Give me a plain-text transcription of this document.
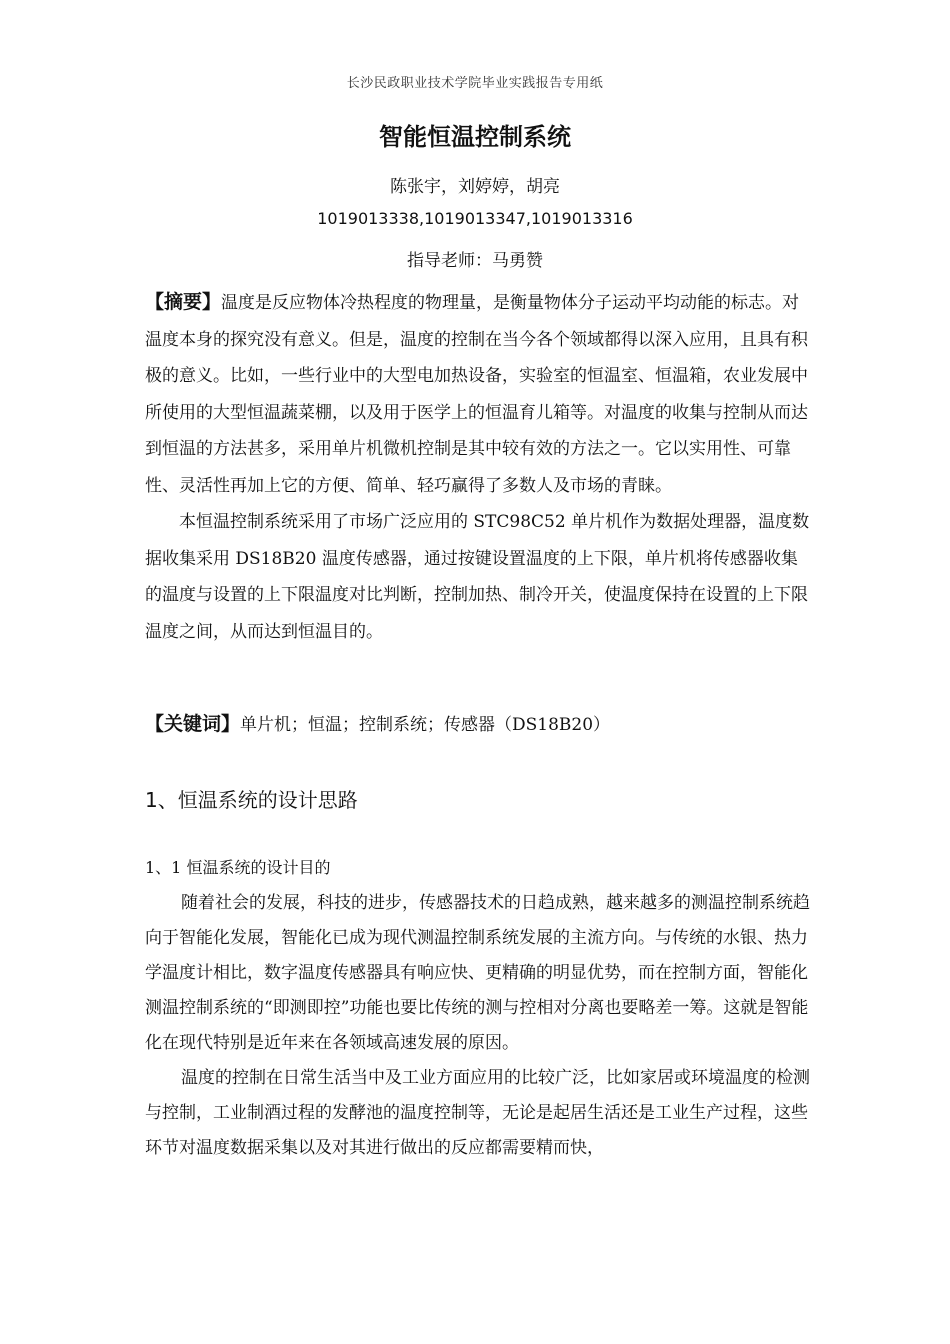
长沙民政职业技术学院毕业实践报告专用纸
智能恒温控制系统
陈张宇，刘婷婷，胡亮
1019013338,1019013347,1019013316
指导老师：马勇赞

【摘要】温度是反应物体冷热程度的物理量，是衡量物体分子运动平均动能的标志。对温度本身的探究没有意义。但是，温度的控制在当今各个领域都得以深入应用，且具有积极的意义。比如，一些行业中的大型电加热设备，实验室的恒温室、恒温箱，农业发展中所使用的大型恒温蔬菜棚，以及用于医学上的恒温育儿箱等。对温度的收集与控制从而达到恒温的方法甚多，采用单片机微机控制是其中较有效的方法之一。它以实用性、可靠性、灵活性再加上它的方便、简单、轻巧赢得了多数人及市场的青睐。

本恒温控制系统采用了市场广泛应用的 STC98C52 单片机作为数据处理器，温度数据收集采用 DS18B20 温度传感器，通过按键设置温度的上下限，单片机将传感器收集的温度与设置的上下限温度对比判断，控制加热、制冷开关，使温度保持在设置的上下限温度之间，从而达到恒温目的。

【关键词】单片机；恒温；控制系统；传感器（DS18B20）
1、恒温系统的设计思路
1、1 恒温系统的设计目的

随着社会的发展，科技的进步，传感器技术的日趋成熟，越来越多的测温控制系统趋向于智能化发展，智能化已成为现代测温控制系统发展的主流方向。与传统的水银、热力学温度计相比，数字温度传感器具有响应快、更精确的明显优势，而在控制方面，智能化测温控制系统的“即测即控”功能也要比传统的测与控相对分离也要略差一筹。这就是智能化在现代特别是近年来在各领域高速发展的原因。

温度的控制在日常生活当中及工业方面应用的比较广泛，比如家居或环境温度的检测与控制，工业制酒过程的发酵池的温度控制等，无论是起居生活还是工业生产过程，这些环节对温度数据采集以及对其进行做出的反应都需要精而快，
